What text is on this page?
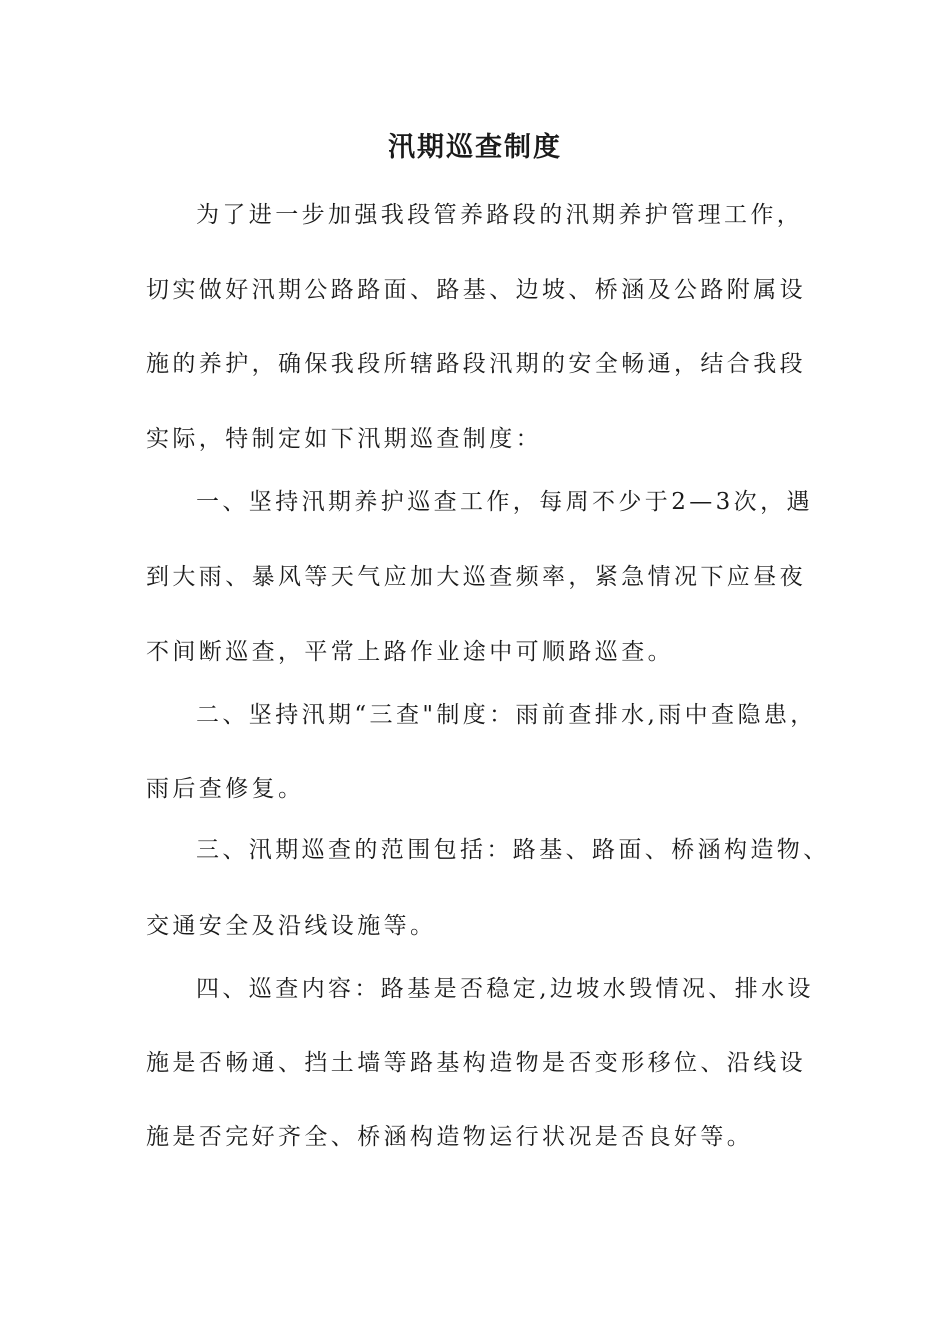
汛期巡查制度
为了进一步加强我段管养路段的汛期养护管理工作，
切实做好汛期公路路面、路基、边坡、桥涵及公路附属设
施的养护，确保我段所辖路段汛期的安全畅通，结合我段
实际，特制定如下汛期巡查制度：
一、坚持汛期养护巡查工作，每周不少于2—3次，遇
到大雨、暴风等天气应加大巡查频率，紧急情况下应昼夜
不间断巡查，平常上路作业途中可顺路巡查。
二、坚持汛期“三查"制度：雨前查排水,雨中查隐患，
雨后查修复。
三、汛期巡查的范围包括：路基、路面、桥涵构造物、
交通安全及沿线设施等。
四、巡查内容：路基是否稳定,边坡水毁情况、排水设
施是否畅通、挡土墙等路基构造物是否变形移位、沿线设
施是否完好齐全、桥涵构造物运行状况是否良好等。
